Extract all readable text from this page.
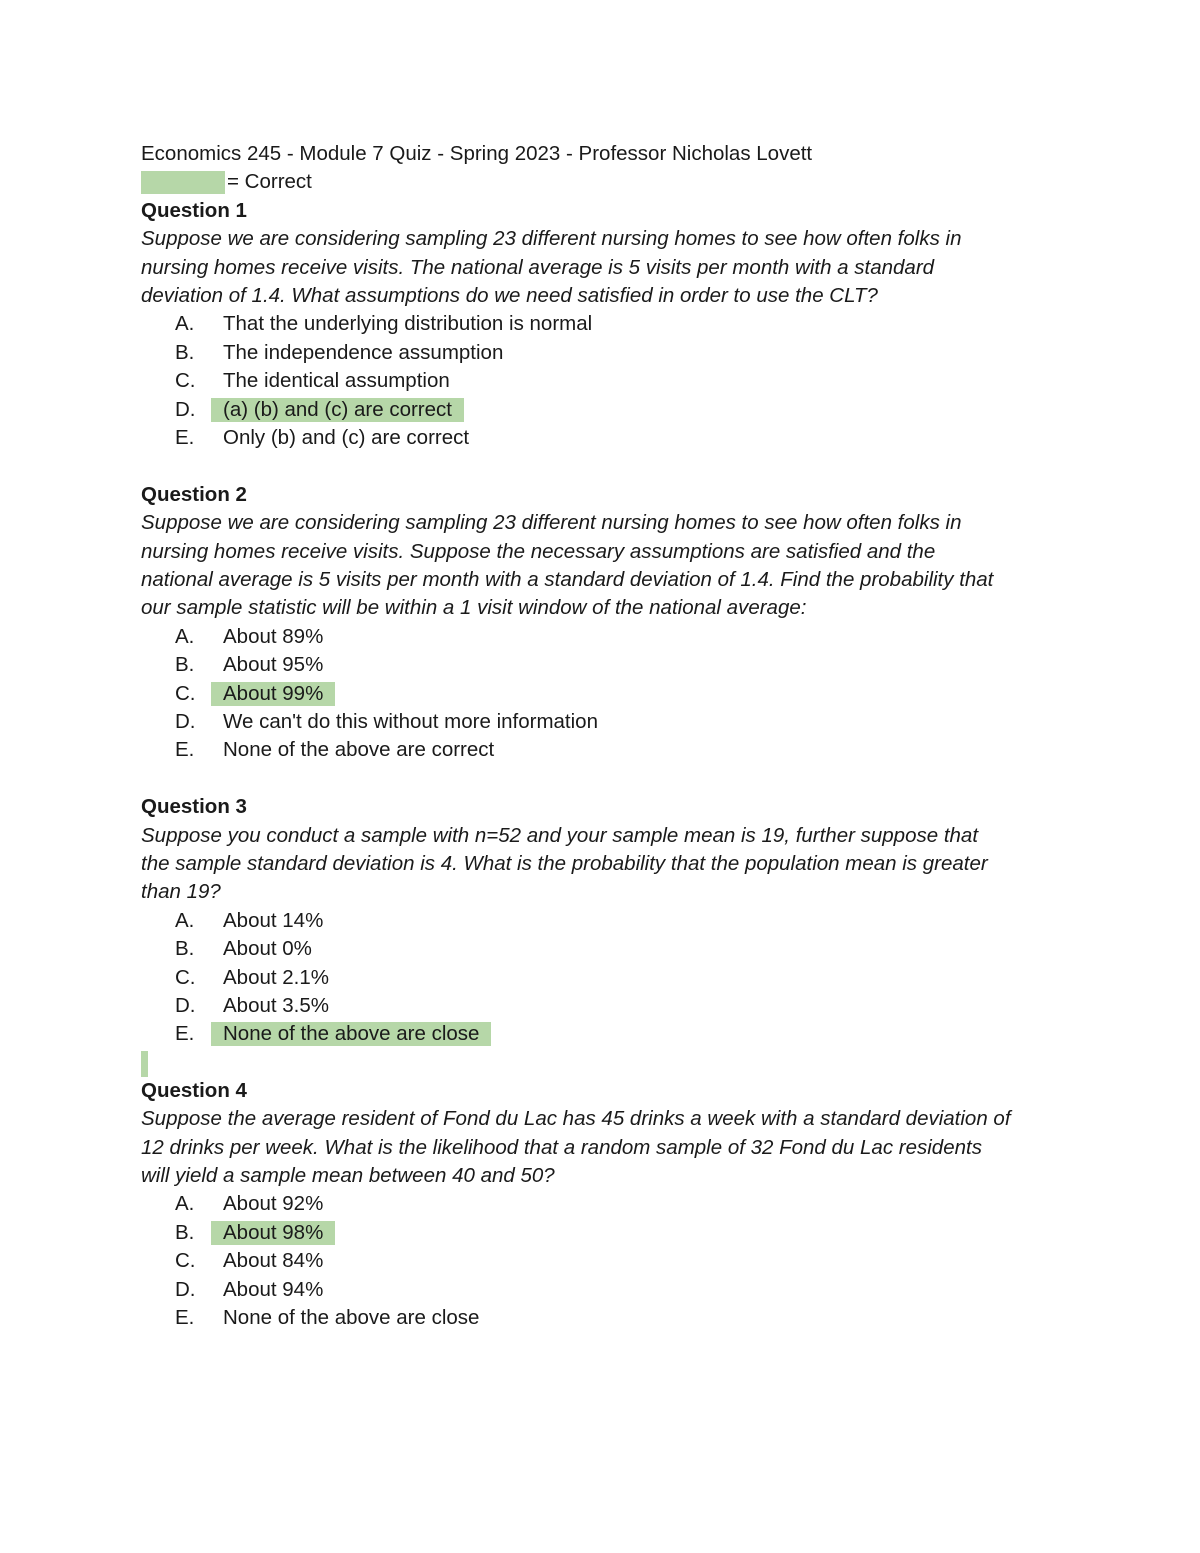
Economics 245 - Module 7 Quiz - Spring 2023 - Professor Nicholas Lovett
= Correct
Question 1
Suppose we are considering sampling 23 different nursing homes to see how often folks in
nursing homes receive visits. The national average is 5 visits per month with a standard
deviation of 1.4. What assumptions do we need satisfied in order to use the CLT?
A.	That the underlying distribution is normal
B.	The independence assumption
C.	The identical assumption
D.	(a) (b) and (c) are correct
E.	Only (b) and (c) are correct
Question 2
Suppose we are considering sampling 23 different nursing homes to see how often folks in
nursing homes receive visits. Suppose the necessary assumptions are satisfied and the
national average is 5 visits per month with a standard deviation of 1.4. Find the probability that
our sample statistic will be within a 1 visit window of the national average:
A.	About 89%
B.	About 95%
C.	About 99%
D.	We can't do this without more information
E.	None of the above are correct
Question 3
Suppose you conduct a sample with n=52 and your sample mean is 19, further suppose that
the sample standard deviation is 4. What is the probability that the population mean is greater
than 19?
A.	About 14%
B.	About 0%
C.	About 2.1%
D.	About 3.5%
E.	None of the above are close
Question 4
Suppose the average resident of Fond du Lac has 45 drinks a week with a standard deviation of
12 drinks per week. What is the likelihood that a random sample of 32 Fond du Lac residents
will yield a sample mean between 40 and 50?
A.	About 92%
B.	About 98%
C.	About 84%
D.	About 94%
E.	None of the above are close
